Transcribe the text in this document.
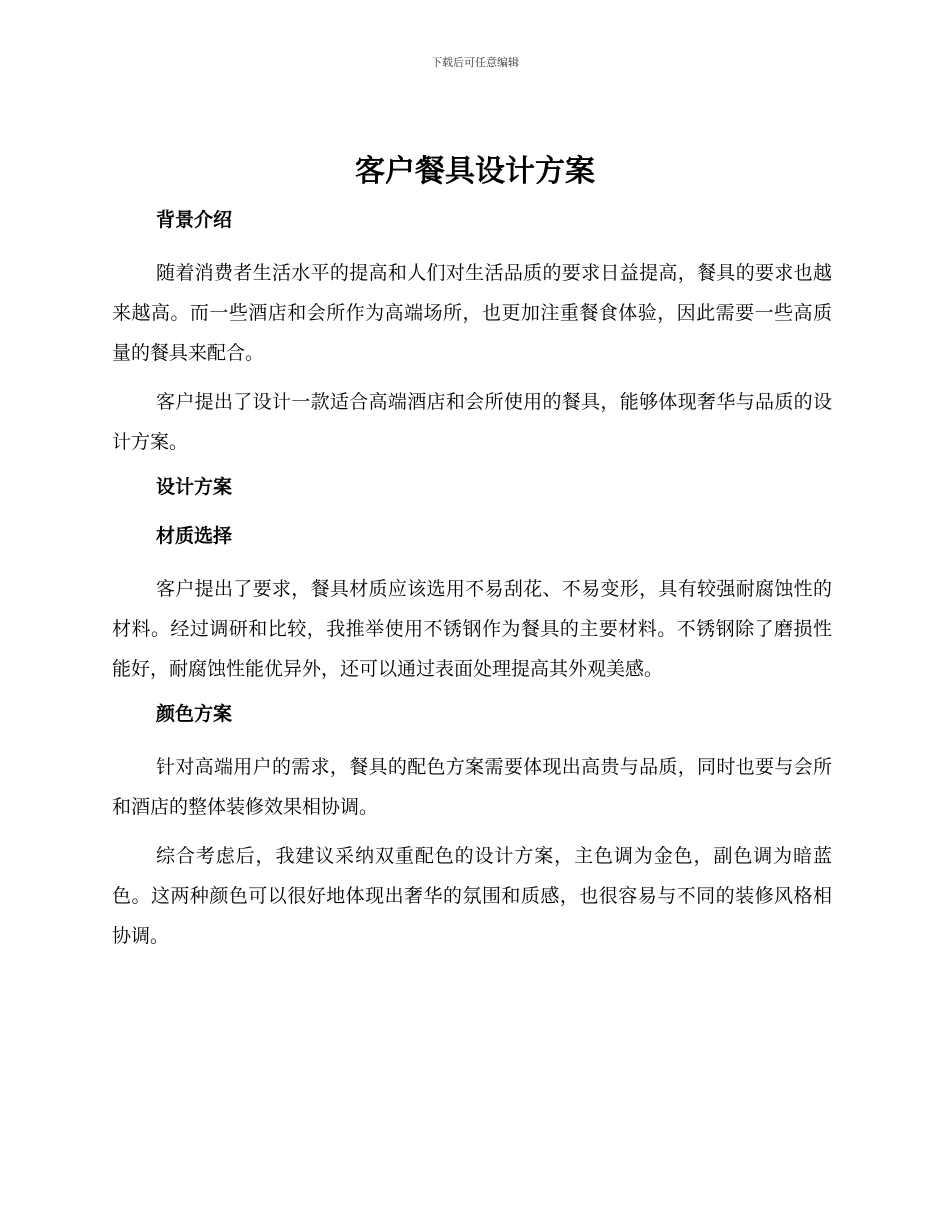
下载后可任意编辑
客户餐具设计方案
背景介绍

随着消费者生活水平的提高和人们对生活品质的要求日益提高，餐具的要求也越来越高。而一些酒店和会所作为高端场所，也更加注重餐食体验，因此需要一些高质量的餐具来配合。

客户提出了设计一款适合高端酒店和会所使用的餐具，能够体现奢华与品质的设计方案。

设计方案
材质选择

客户提出了要求，餐具材质应该选用不易刮花、不易变形，具有较强耐腐蚀性的材料。经过调研和比较，我推举使用不锈钢作为餐具的主要材料。不锈钢除了磨损性能好，耐腐蚀性能优异外，还可以通过表面处理提高其外观美感。

颜色方案

针对高端用户的需求，餐具的配色方案需要体现出高贵与品质，同时也要与会所和酒店的整体装修效果相协调。

综合考虑后，我建议采纳双重配色的设计方案，主色调为金色，副色调为暗蓝色。这两种颜色可以很好地体现出奢华的氛围和质感，也很容易与不同的装修风格相协调。
